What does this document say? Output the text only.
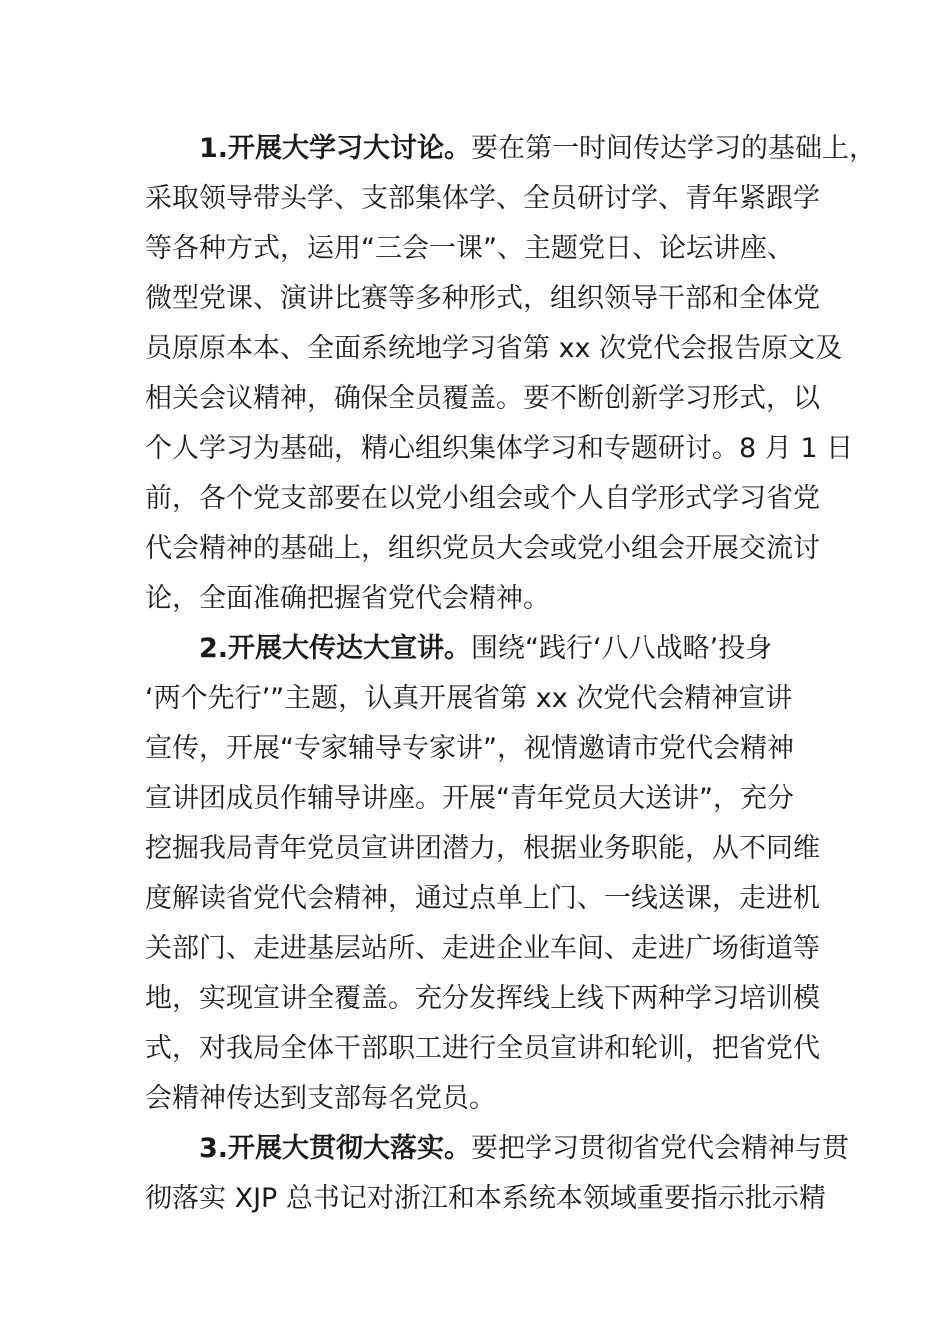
1.开展大学习大讨论。要在第一时间传达学习的基础上，
采取领导带头学、支部集体学、全员研讨学、青年紧跟学
等各种方式，运用“三会一课”、主题党日、论坛讲座、
微型党课、演讲比赛等多种形式，组织领导干部和全体党
员原原本本、全面系统地学习省第 xx 次党代会报告原文及
相关会议精神，确保全员覆盖。要不断创新学习形式，以
个人学习为基础，精心组织集体学习和专题研讨。8 月 1 日
前，各个党支部要在以党小组会或个人自学形式学习省党
代会精神的基础上，组织党员大会或党小组会开展交流讨
论，全面准确把握省党代会精神。
2.开展大传达大宣讲。围绕“践行‘八八战略’投身
‘两个先行’”主题，认真开展省第 xx 次党代会精神宣讲
宣传，开展“专家辅导专家讲”，视情邀请市党代会精神
宣讲团成员作辅导讲座。开展“青年党员大送讲”，充分
挖掘我局青年党员宣讲团潜力，根据业务职能，从不同维
度解读省党代会精神，通过点单上门、一线送课，走进机
关部门、走进基层站所、走进企业车间、走进广场街道等
地，实现宣讲全覆盖。充分发挥线上线下两种学习培训模
式，对我局全体干部职工进行全员宣讲和轮训，把省党代
会精神传达到支部每名党员。
3.开展大贯彻大落实。要把学习贯彻省党代会精神与贯
彻落实 XJP 总书记对浙江和本系统本领域重要指示批示精
